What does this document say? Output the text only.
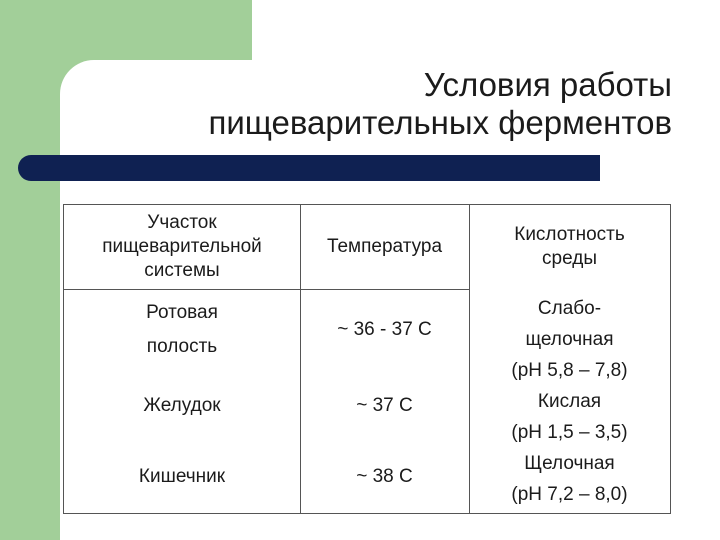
Условия работы
пищеварительных ферментов
Участок
пищеварительной
системы
Температура
Кислотность
среды
Ротовая
полость
~ 36 - 37 С
Желудок	~ 37 С
Кишечник	~ 38 С
Слабо-
щелочная
(pH 5,8 – 7,8)
Кислая
(pH 1,5 – 3,5)
Щелочная
(pH 7,2 – 8,0)
